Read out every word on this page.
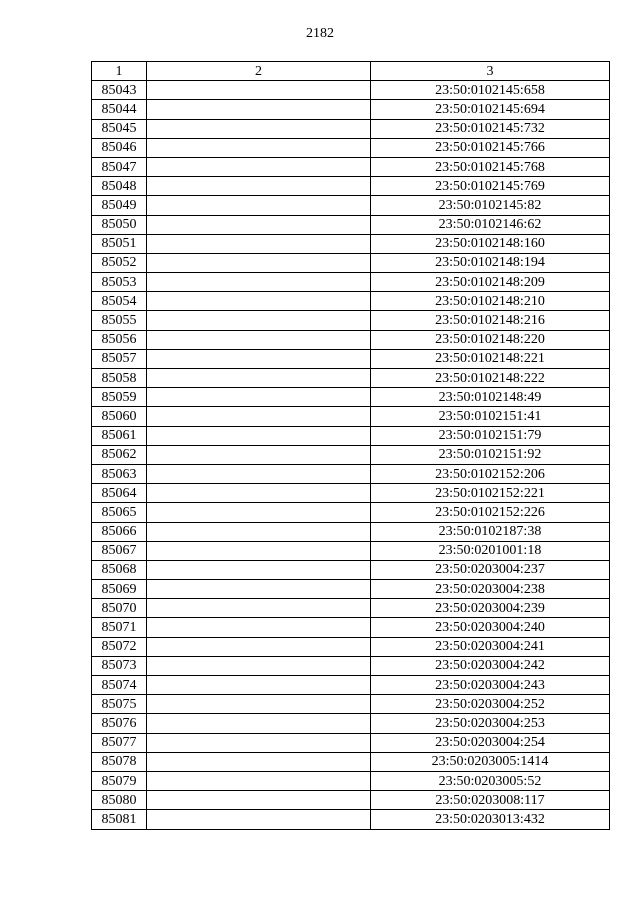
2182
1	2	3
85043		23:50:0102145:658
85044		23:50:0102145:694
85045		23:50:0102145:732
85046		23:50:0102145:766
85047		23:50:0102145:768
85048		23:50:0102145:769
85049		23:50:0102145:82
85050		23:50:0102146:62
85051		23:50:0102148:160
85052		23:50:0102148:194
85053		23:50:0102148:209
85054		23:50:0102148:210
85055		23:50:0102148:216
85056		23:50:0102148:220
85057		23:50:0102148:221
85058		23:50:0102148:222
85059		23:50:0102148:49
85060		23:50:0102151:41
85061		23:50:0102151:79
85062		23:50:0102151:92
85063		23:50:0102152:206
85064		23:50:0102152:221
85065		23:50:0102152:226
85066		23:50:0102187:38
85067		23:50:0201001:18
85068		23:50:0203004:237
85069		23:50:0203004:238
85070		23:50:0203004:239
85071		23:50:0203004:240
85072		23:50:0203004:241
85073		23:50:0203004:242
85074		23:50:0203004:243
85075		23:50:0203004:252
85076		23:50:0203004:253
85077		23:50:0203004:254
85078		23:50:0203005:1414
85079		23:50:0203005:52
85080		23:50:0203008:117
85081		23:50:0203013:432
